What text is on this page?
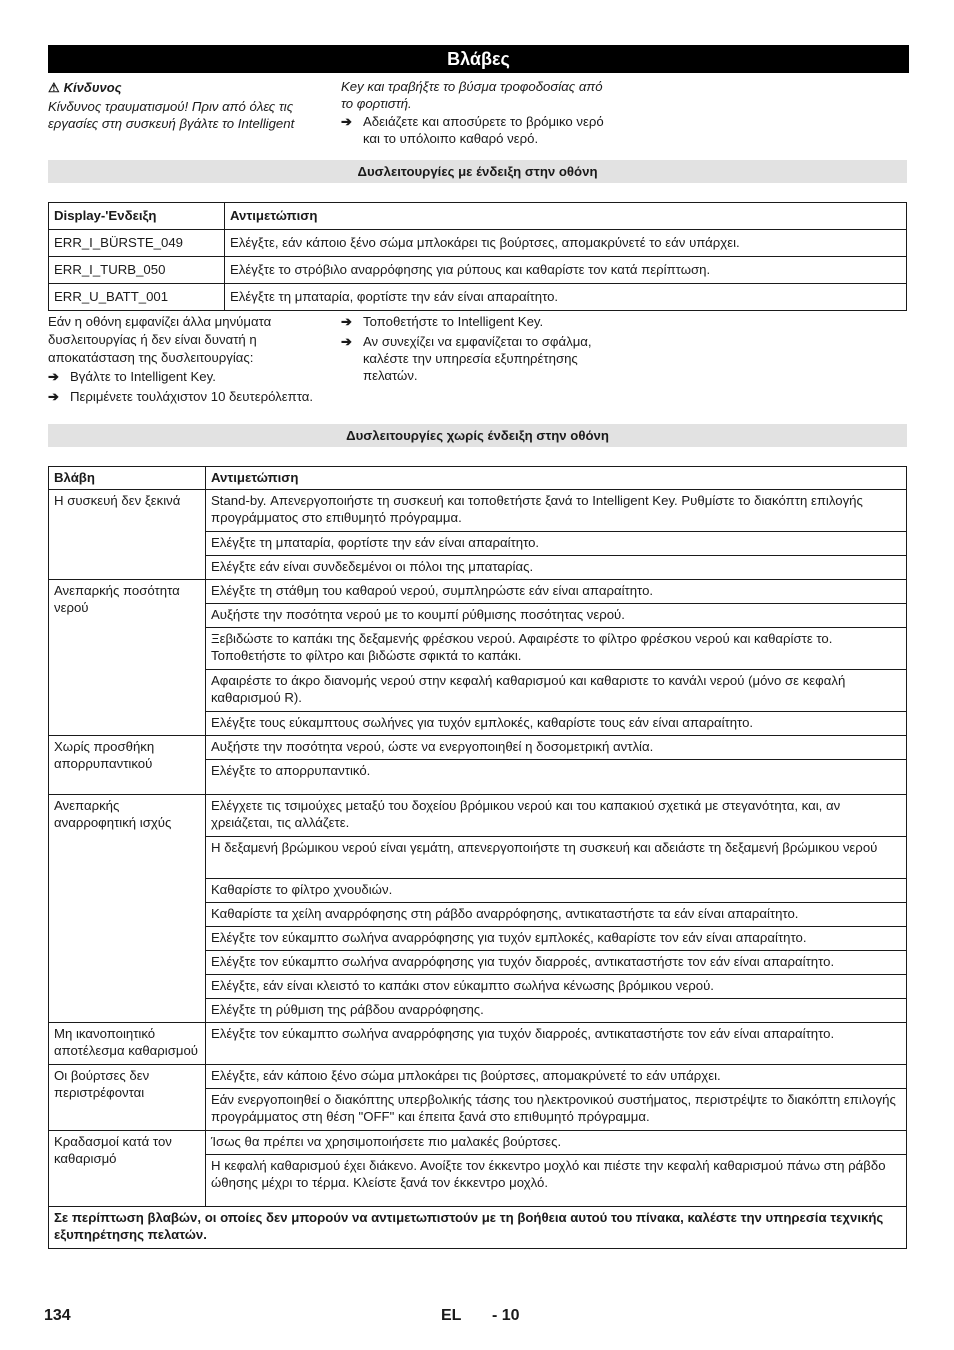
Βλάβες
⚠ Κίνδυνος
Κίνδυνος τραυματισμού! Πριν από όλες τις εργασίες στη συσκευή βγάλτε το Intelligent
Key και τραβήξτε το βύσμα τροφοδοσίας από το φορτιστή.
➔ Αδειάζετε και αποσύρετε το βρόμικο νερό και το υπόλοιπο καθαρό νερό.
Δυσλειτουργίες με ένδειξη στην οθόνη
Display-'Ενδειξη	Αντιμετώπιση
ERR_I_BÜRSTE_049	Ελέγξτε, εάν κάποιο ξένο σώμα μπλοκάρει τις βούρτσες, απομακρύνετέ το εάν υπάρχει.
ERR_I_TURB_050	Ελέγξτε το στρόβιλο αναρρόφησης για ρύπους και καθαρίστε τον κατά περίπτωση.
ERR_U_BATT_001	Ελέγξτε τη μπαταρία, φορτίστε την εάν είναι απαραίτητο.
Εάν η οθόνη εμφανίζει άλλα μηνύματα δυσλειτουργίας ή δεν είναι δυνατή η αποκατάσταση της δυσλειτουργίας:
➔ Βγάλτε το Intelligent Key.
➔ Περιμένετε τουλάχιστον 10 δευτερόλεπτα.
➔ Τοποθετήστε το Intelligent Key.
➔ Αν συνεχίζει να εμφανίζεται το σφάλμα, καλέστε την υπηρεσία εξυπηρέτησης πελατών.
Δυσλειτουργίες χωρίς ένδειξη στην οθόνη
Βλάβη	Αντιμετώπιση
Η συσκευή δεν ξεκινά	Stand-by. Απενεργοποιήστε τη συσκευή και τοποθετήστε ξανά το Intelligent Key. Ρυθμίστε το διακόπτη επιλογής προγράμματος στο επιθυμητό πρόγραμμα.
	Ελέγξτε τη μπαταρία, φορτίστε την εάν είναι απαραίτητο.
	Ελέγξτε εάν είναι συνδεδεμένοι οι πόλοι της μπαταρίας.
Ανεπαρκής ποσότητα νερού	Ελέγξτε τη στάθμη του καθαρού νερού, συμπληρώστε εάν είναι απαραίτητο.
	Αυξήστε την ποσότητα νερού με το κουμπί ρύθμισης ποσότητας νερού.
	Ξεβιδώστε το καπάκι της δεξαμενής φρέσκου νερού. Αφαιρέστε το φίλτρο φρέσκου νερού και καθαρίστε το. Τοποθετήστε το φίλτρο και βιδώστε σφικτά το καπάκι.
	Αφαιρέστε το άκρο διανομής νερού στην κεφαλή καθαρισμού και καθαριστε το κανάλι νερού (μόνο σε κεφαλή καθαρισμού R).
	Ελέγξτε τους εύκαμπτους σωλήνες για τυχόν εμπλοκές, καθαρίστε τους εάν είναι απαραίτητο.
Χωρίς προσθήκη απορρυπαντικού	Αυξήστε την ποσότητα νερού, ώστε να ενεργοποιηθεί η δοσομετρική αντλία.
	Ελέγξτε το απορρυπαντικό.
Ανεπαρκής αναρροφητική ισχύς	Ελέγχετε τις τσιμούχες μεταξύ του δοχείου βρόμικου νερού και του καπακιού σχετικά με στεγανότητα, και, αν χρειάζεται, τις αλλάζετε.
	Η δεξαμενή βρώμικου νερού είναι γεμάτη, απενεργοποιήστε τη συσκευή και αδειάστε τη δεξαμενή βρώμικου νερού
	Καθαρίστε το φίλτρο χνουδιών.
	Καθαρίστε τα χείλη αναρρόφησης στη ράβδο αναρρόφησης, αντικαταστήστε τα εάν είναι απαραίτητο.
	Ελέγξτε τον εύκαμπτο σωλήνα αναρρόφησης για τυχόν εμπλοκές, καθαρίστε τον εάν είναι απαραίτητο.
	Ελέγξτε τον εύκαμπτο σωλήνα αναρρόφησης για τυχόν διαρροές, αντικαταστήστε τον εάν είναι απαραίτητο.
	Ελέγξτε, εάν είναι κλειστό το καπάκι στον εύκαμπτο σωλήνα κένωσης βρόμικου νερού.
	Ελέγξτε τη ρύθμιση της ράβδου αναρρόφησης.
Μη ικανοποιητικό αποτέλεσμα καθαρισμού	Ελέγξτε τον εύκαμπτο σωλήνα αναρρόφησης για τυχόν διαρροές, αντικαταστήστε τον εάν είναι απαραίτητο.
Οι βούρτσες δεν περιστρέφονται	Ελέγξτε, εάν κάποιο ξένο σώμα μπλοκάρει τις βούρτσες, απομακρύνετέ το εάν υπάρχει.
	Εάν ενεργοποιηθεί ο διακόπτης υπερβολικής τάσης του ηλεκτρονικού συστήματος, περιστρέψτε το διακόπτη επιλογής προγράμματος στη θέση "OFF" και έπειτα ξανά στο επιθυμητό πρόγραμμα.
Κραδασμοί κατά τον καθαρισμό	Ίσως θα πρέπει να χρησιμοποιήσετε πιο μαλακές βούρτσες.
	Η κεφαλή καθαρισμού έχει διάκενο. Ανοίξτε τον έκκεντρο μοχλό και πιέστε την κεφαλή καθαρισμού πάνω στη ράβδο ώθησης μέχρι το τέρμα. Κλείστε ξανά τον έκκεντρο μοχλό.
Σε περίπτωση βλαβών, οι οποίες δεν μπορούν να αντιμετωπιστούν με τη βοήθεια αυτού του πίνακα, καλέστε την υπηρεσία τεχνικής εξυπηρέτησης πελατών.	
134	EL - 10
